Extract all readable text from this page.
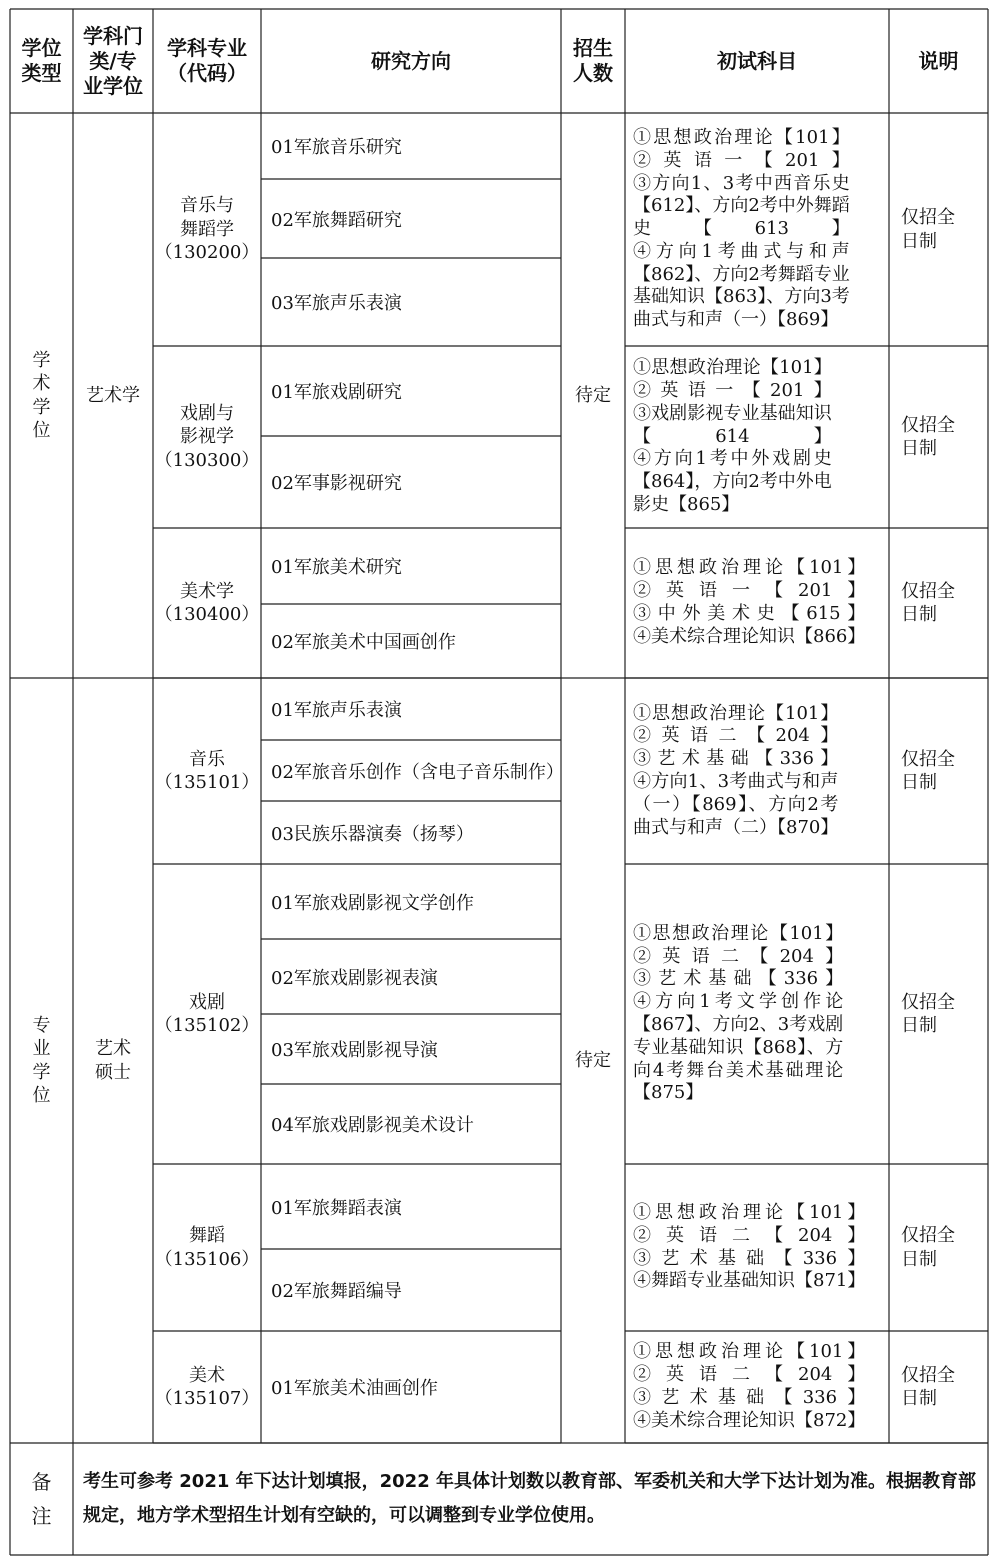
学位
类型
学科门
类/专
业学位
学科专业
（代码）
研究方向
招生
人数
初试科目	说明
学
术
学
位
艺术学	待定
专
业
学
位
艺术
硕士
待定
音乐与
舞蹈学
（130200）
①思想政治理论【101】
②英语一【201】
③方向1、3考中西音乐史
【612】、方向2考中外舞蹈
史【613】
④方向1考曲式与和声
【862】、方向2考舞蹈专业
基础知识【863】、方向3考
曲式与和声（一）【869】
仅招全
日制
戏剧与
影视学
（130300）
①思想政治理论【101】
②英语一【201】
③戏剧影视专业基础知识
【614】
④方向1考中外戏剧史
【864】，方向2考中外电
影史【865】
仅招全
日制
美术学
（130400）
①思想政治理论【101】
②英语一【201】
③中外美术史【615】
④美术综合理论知识【866】
仅招全
日制
音乐
（135101）
①思想政治理论【101】
②英语二【204】
③艺术基础【336】
④方向1、3考曲式与和声
（一）【869】、方向2考
曲式与和声（二）【870】
仅招全
日制
戏剧
（135102）
①思想政治理论【101】
②英语二【204】
③艺术基础【336】
④方向1考文学创作论
【867】、方向2、3考戏剧
专业基础知识【868】、方
向4考舞台美术基础理论
【875】
仅招全
日制
舞蹈
（135106）
①思想政治理论【101】
②英语二【204】
③艺术基础【336】
④舞蹈专业基础知识【871】
仅招全
日制
美术
（135107）
①思想政治理论【101】
②英语二【204】
③艺术基础【336】
④美术综合理论知识【872】
仅招全
日制
01军旅音乐研究
02军旅舞蹈研究
03军旅声乐表演
01军旅戏剧研究
02军事影视研究
01军旅美术研究
02军旅美术中国画创作
01军旅声乐表演
02军旅音乐创作（含电子音乐制作）
03民族乐器演奏（扬琴）
01军旅戏剧影视文学创作
02军旅戏剧影视表演
03军旅戏剧影视导演
04军旅戏剧影视美术设计
01军旅舞蹈表演
02军旅舞蹈编导
01军旅美术油画创作
备
注
考生可参考 2021 年下达计划填报，2022 年具体计划数以教育部、军委机关和大学下达计划为准。根据教育部规定，地方学术型招生计划有空缺的，可以调整到专业学位使用。
